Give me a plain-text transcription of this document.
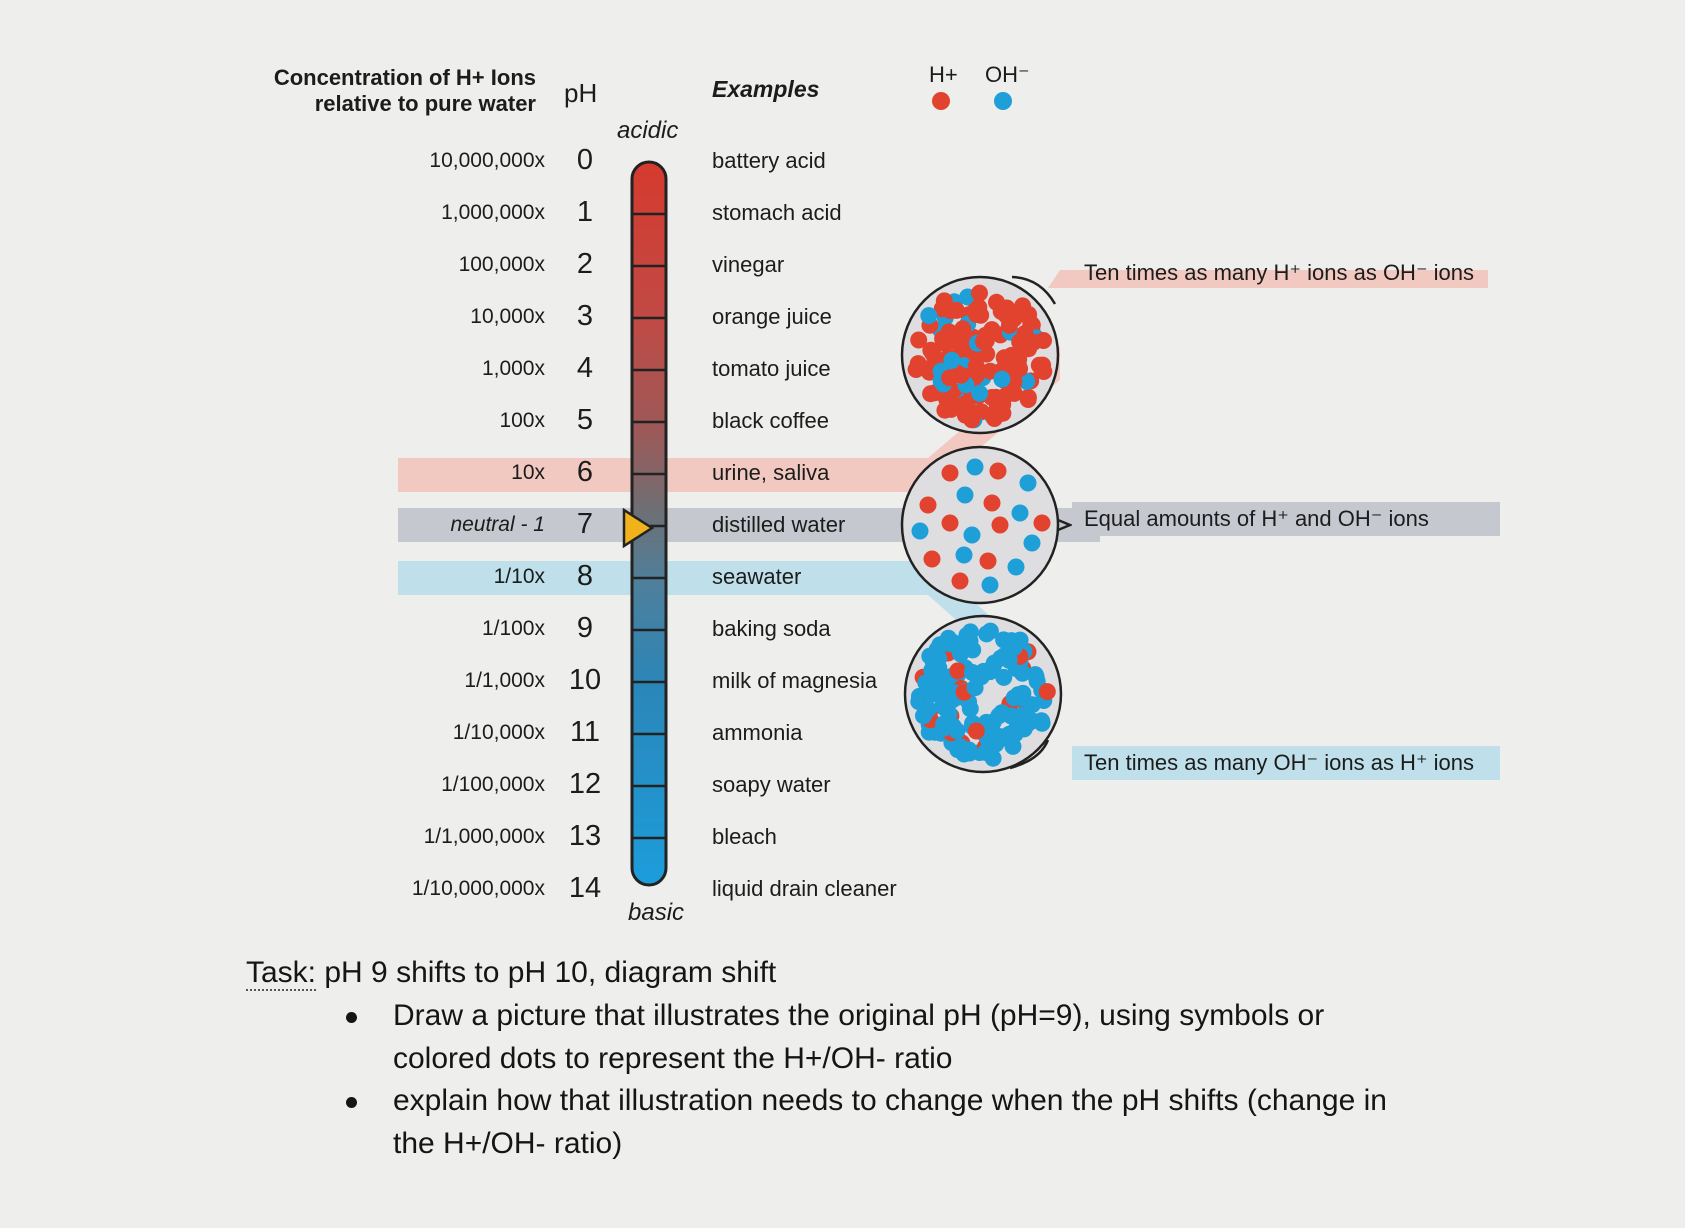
Concentration of H+ Ions
relative to pure water pH	Examples
H+ OH⁻
acidic
basic
10,000,000x	0	battery acid
1,000,000x	1	stomach acid
100,000x	2	vinegar
10,000x	3	orange juice
1,000x	4	tomato juice
100x	5	black coffee
10x	6	urine, saliva
neutral - 1	7	distilled water
1/10x	8	seawater
1/100x	9	baking soda
1/1,000x 10	milk of magnesia
1/10,000x 11	ammonia
1/100,000x 12	soapy water
1/1,000,000x 13	bleach
1/10,000,000x 14	liquid drain cleaner
Ten times as many H⁺ ions as OH⁻ ions
Equal amounts of H⁺ and OH⁻ ions
Ten times as many OH⁻ ions as H⁺ ions
Task: pH 9 shifts to pH 10, diagram shift
Draw a picture that illustrates the original pH (pH=9), using symbols or
colored dots to represent the H+/OH- ratio
explain how that illustration needs to change when the pH shifts (change in
the H+/OH- ratio)
